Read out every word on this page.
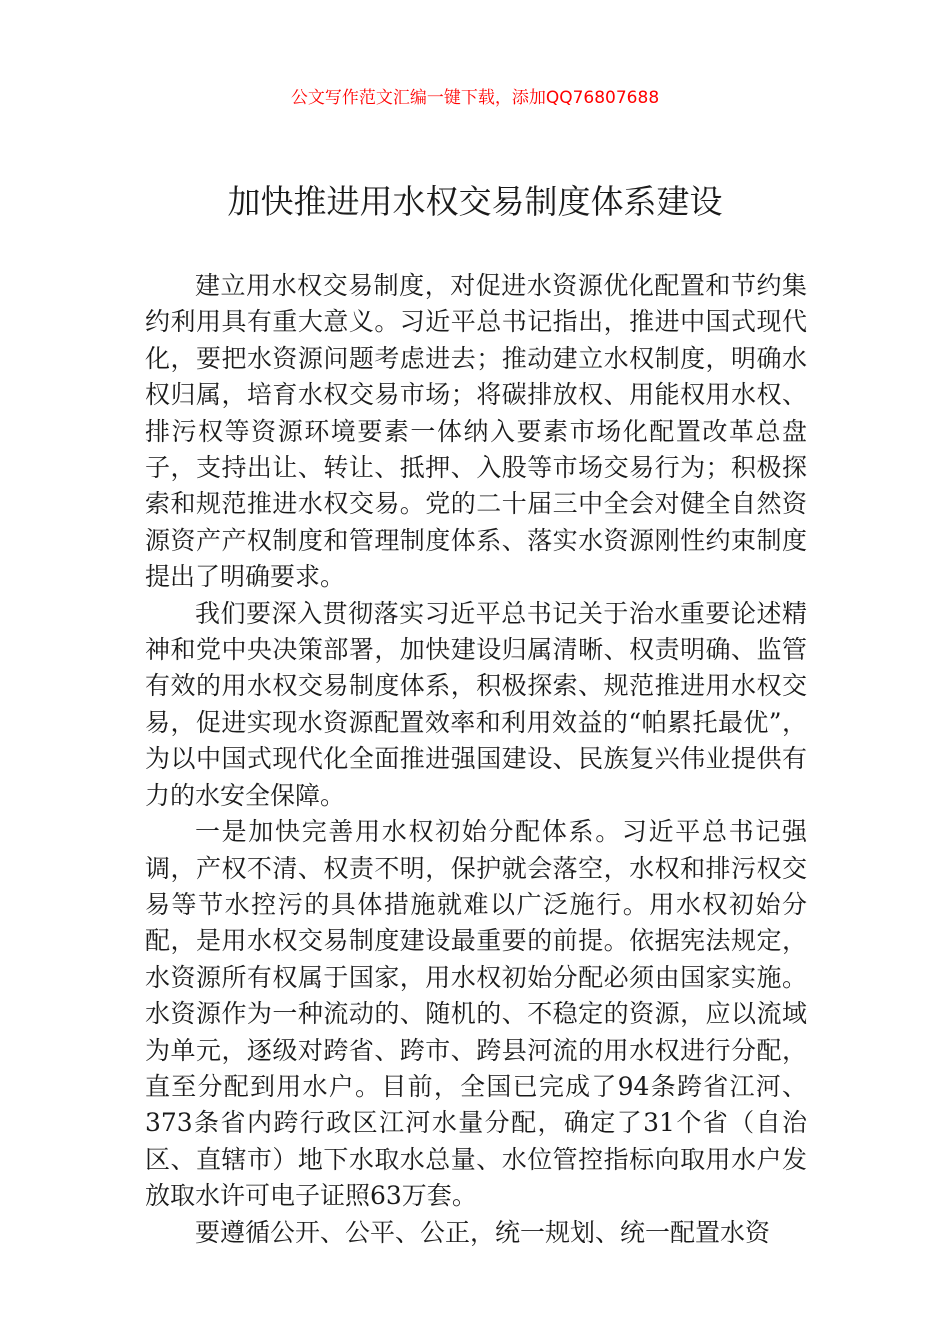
公文写作范文汇编一键下载，添加QQ76807688
加快推进用水权交易制度体系建设

建立用水权交易制度，对促进水资源优化配置和节约集约利用具有重大意义。习近平总书记指出，推进中国式现代化，要把水资源问题考虑进去；推动建立水权制度，明确水权归属，培育水权交易市场；将碳排放权、用能权用水权、排污权等资源环境要素一体纳入要素市场化配置改革总盘子，支持出让、转让、抵押、入股等市场交易行为；积极探索和规范推进水权交易。党的二十届三中全会对健全自然资源资产产权制度和管理制度体系、落实水资源刚性约束制度提出了明确要求。

我们要深入贯彻落实习近平总书记关于治水重要论述精神和党中央决策部署，加快建设归属清晰、权责明确、监管有效的用水权交易制度体系，积极探索、规范推进用水权交易，促进实现水资源配置效率和利用效益的“帕累托最优”，为以中国式现代化全面推进强国建设、民族复兴伟业提供有力的水安全保障。

一是加快完善用水权初始分配体系。习近平总书记强调，产权不清、权责不明，保护就会落空，水权和排污权交易等节水控污的具体措施就难以广泛施行。用水权初始分配，是用水权交易制度建设最重要的前提。依据宪法规定，水资源所有权属于国家，用水权初始分配必须由国家实施。水资源作为一种流动的、随机的、不稳定的资源，应以流域为单元，逐级对跨省、跨市、跨县河流的用水权进行分配，直至分配到用水户。目前，全国已完成了94条跨省江河、373条省内跨行政区江河水量分配，确定了31个省（自治区、直辖市）地下水取水总量、水位管控指标向取用水户发放取水许可电子证照63万套。

要遵循公开、公平、公正，统一规划、统一配置水资
